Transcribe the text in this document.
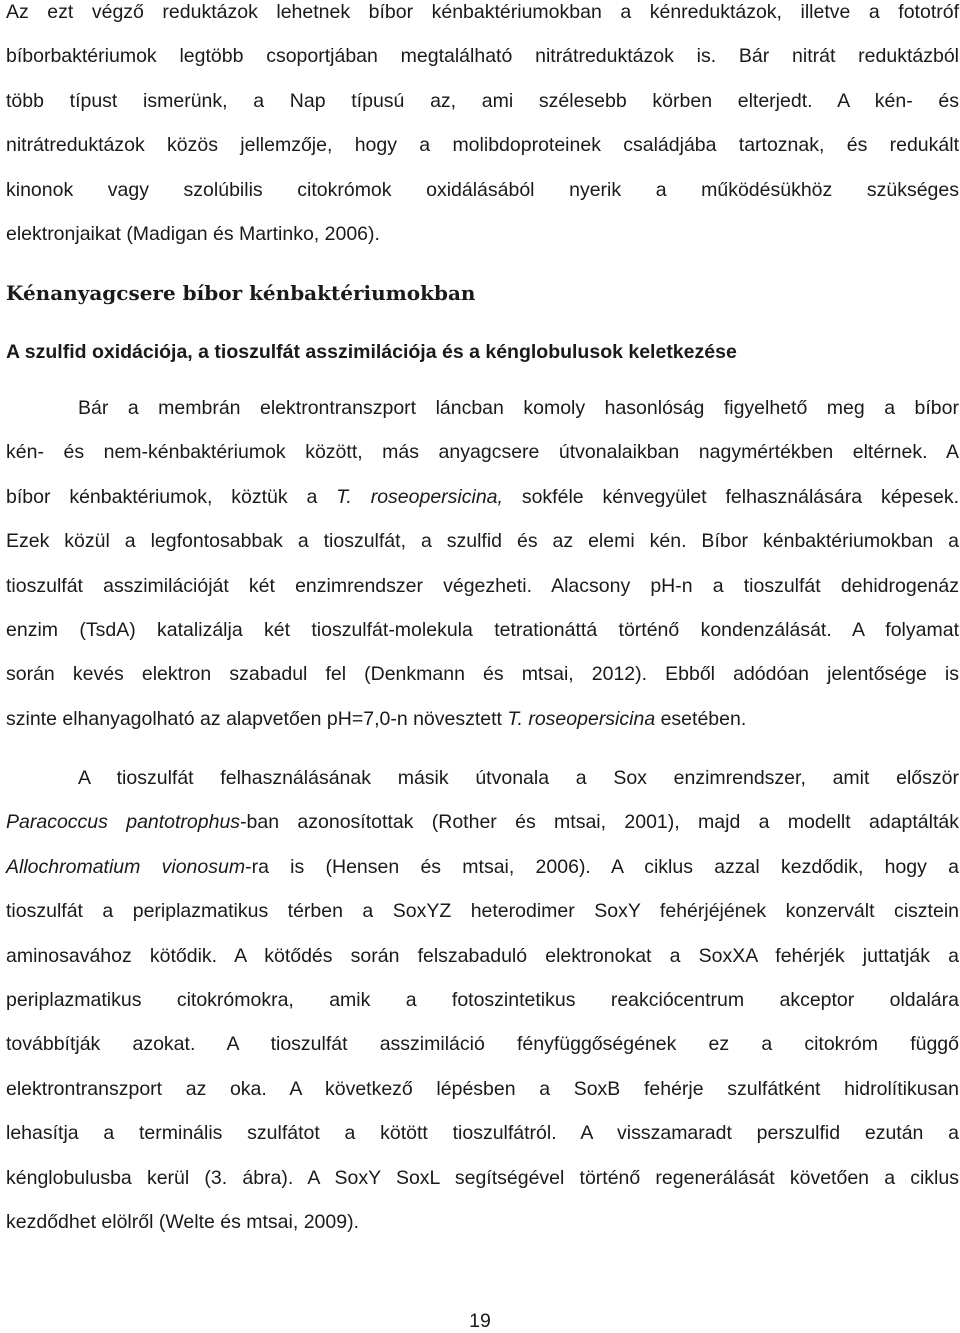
Az ezt végző reduktázok lehetnek bíbor kénbaktériumokban a kénreduktázok, illetve a fototróf
bíborbaktériumok legtöbb csoportjában megtalálható nitrátreduktázok is. Bár nitrát reduktázból
több típust ismerünk, a Nap típusú az, ami szélesebb körben elterjedt. A kén- és
nitrátreduktázok közös jellemzője, hogy a molibdoproteinek családjába tartoznak, és redukált
kinonok vagy szolúbilis citokrómok oxidálásából nyerik a működésükhöz szükséges
elektronjaikat (Madigan és Martinko, 2006).
Kénanyagcsere bíbor kénbaktériumokban
A szulfid oxidációja, a tioszulfát asszimilációja és a kénglobulusok keletkezése
Bár a membrán elektrontranszport láncban komoly hasonlóság figyelhető meg a bíbor
kén- és nem-kénbaktériumok között, más anyagcsere útvonalaikban nagymértékben eltérnek. A
bíbor kénbaktériumok, köztük a T. roseopersicina, sokféle kénvegyület felhasználására képesek.
Ezek közül a legfontosabbak a tioszulfát, a szulfid és az elemi kén. Bíbor kénbaktériumokban a
tioszulfát asszimilációját két enzimrendszer végezheti. Alacsony pH-n a tioszulfát dehidrogenáz
enzim (TsdA) katalizálja két tioszulfát-molekula tetrationáttá történő kondenzálását. A folyamat
során kevés elektron szabadul fel (Denkmann és mtsai, 2012). Ebből adódóan jelentősége is
szinte elhanyagolható az alapvetően pH=7,0-n növesztett T. roseopersicina esetében.
A tioszulfát felhasználásának másik útvonala a Sox enzimrendszer, amit először
Paracoccus pantotrophus-ban azonosítottak (Rother és mtsai, 2001), majd a modellt adaptálták
Allochromatium vionosum-ra is (Hensen és mtsai, 2006). A ciklus azzal kezdődik, hogy a
tioszulfát a periplazmatikus térben a SoxYZ heterodimer SoxY fehérjéjének konzervált cisztein
aminosavához kötődik. A kötődés során felszabaduló elektronokat a SoxXA fehérjék juttatják a
periplazmatikus citokrómokra, amik a fotoszintetikus reakciócentrum akceptor oldalára
továbbítják azokat. A tioszulfát asszimiláció fényfüggőségének ez a citokróm függő
elektrontranszport az oka. A következő lépésben a SoxB fehérje szulfátként hidrolítikusan
lehasítja a terminális szulfátot a kötött tioszulfátról. A visszamaradt perszulfid ezután a
kénglobulusba kerül (3. ábra). A SoxY SoxL segítségével történő regenerálását követően a ciklus
kezdődhet elölről (Welte és mtsai, 2009).
19
